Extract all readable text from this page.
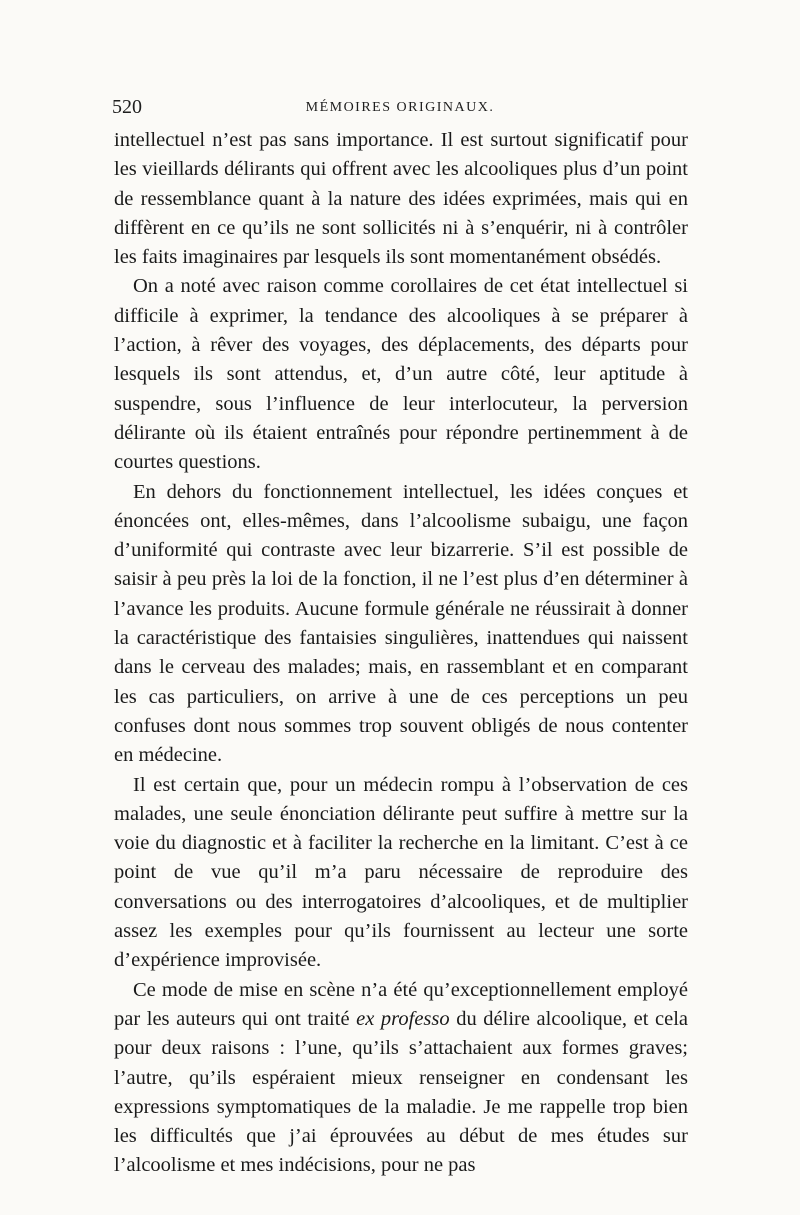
520	MÉMOIRES ORIGINAUX.

intellectuel n’est pas sans importance. Il est surtout significatif pour les vieillards délirants qui offrent avec les alcooliques plus d’un point de ressemblance quant à la nature des idées exprimées, mais qui en diffèrent en ce qu’ils ne sont sollicités ni à s’enquérir, ni à contrôler les faits imaginaires par lesquels ils sont momentanément obsédés.

On a noté avec raison comme corollaires de cet état intellectuel si difficile à exprimer, la tendance des alcooliques à se préparer à l’action, à rêver des voyages, des déplacements, des départs pour lesquels ils sont attendus, et, d’un autre côté, leur aptitude à suspendre, sous l’influence de leur interlocuteur, la perversion délirante où ils étaient entraînés pour répondre pertinemment à de courtes questions.

En dehors du fonctionnement intellectuel, les idées conçues et énoncées ont, elles-mêmes, dans l’alcoolisme subaigu, une façon d’uniformité qui contraste avec leur bizarrerie. S’il est possible de saisir à peu près la loi de la fonction, il ne l’est plus d’en déterminer à l’avance les produits. Aucune formule générale ne réussirait à donner la caractéristique des fantaisies singulières, inattendues qui naissent dans le cerveau des malades; mais, en rassemblant et en comparant les cas particuliers, on arrive à une de ces perceptions un peu confuses dont nous sommes trop souvent obligés de nous contenter en médecine.

Il est certain que, pour un médecin rompu à l’observation de ces malades, une seule énonciation délirante peut suffire à mettre sur la voie du diagnostic et à faciliter la recherche en la limitant. C’est à ce point de vue qu’il m’a paru nécessaire de reproduire des conversations ou des interrogatoires d’alcooliques, et de multiplier assez les exemples pour qu’ils fournissent au lecteur une sorte d’expérience improvisée.

Ce mode de mise en scène n’a été qu’exceptionnellement employé par les auteurs qui ont traité ex professo du délire alcoolique, et cela pour deux raisons : l’une, qu’ils s’attachaient aux formes graves; l’autre, qu’ils espéraient mieux renseigner en condensant les expressions symptomatiques de la maladie. Je me rappelle trop bien les difficultés que j’ai éprouvées au début de mes études sur l’alcoolisme et mes indécisions, pour ne pas
